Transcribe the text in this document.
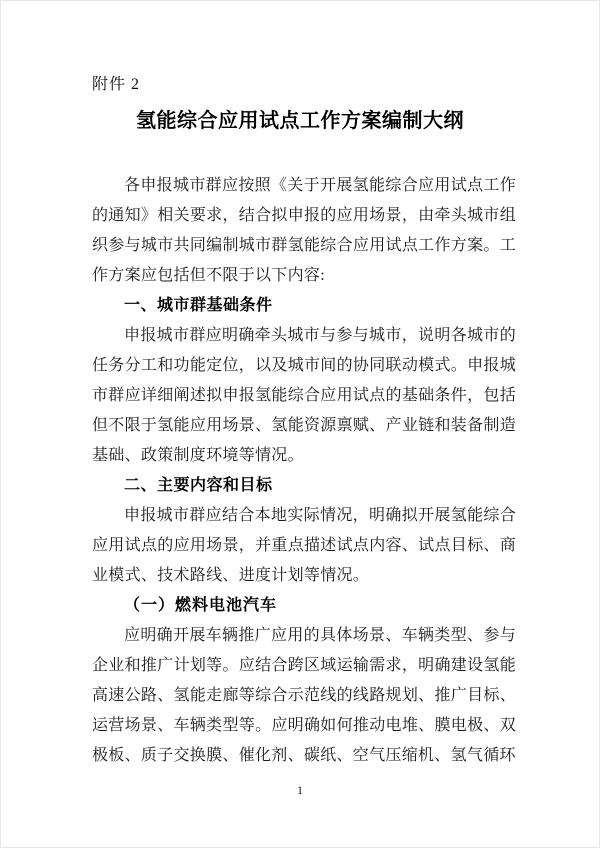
附件 2
氢能综合应用试点工作方案编制大纲

各申报城市群应按照《关于开展氢能综合应用试点工作的通知》相关要求，结合拟申报的应用场景，由牵头城市组织参与城市共同编制城市群氢能综合应用试点工作方案。工作方案应包括但不限于以下内容:

一、城市群基础条件

申报城市群应明确牵头城市与参与城市，说明各城市的任务分工和功能定位，以及城市间的协同联动模式。申报城市群应详细阐述拟申报氢能综合应用试点的基础条件，包括但不限于氢能应用场景、氢能资源禀赋、产业链和装备制造基础、政策制度环境等情况。

二、主要内容和目标

申报城市群应结合本地实际情况，明确拟开展氢能综合应用试点的应用场景，并重点描述试点内容、试点目标、商业模式、技术路线、进度计划等情况。

（一）燃料电池汽车

应明确开展车辆推广应用的具体场景、车辆类型、参与企业和推广计划等。应结合跨区域运输需求，明确建设氢能高速公路、氢能走廊等综合示范线的线路规划、推广目标、运营场景、车辆类型等。应明确如何推动电堆、膜电极、双极板、质子交换膜、催化剂、碳纸、空气压缩机、氢气循环

1
